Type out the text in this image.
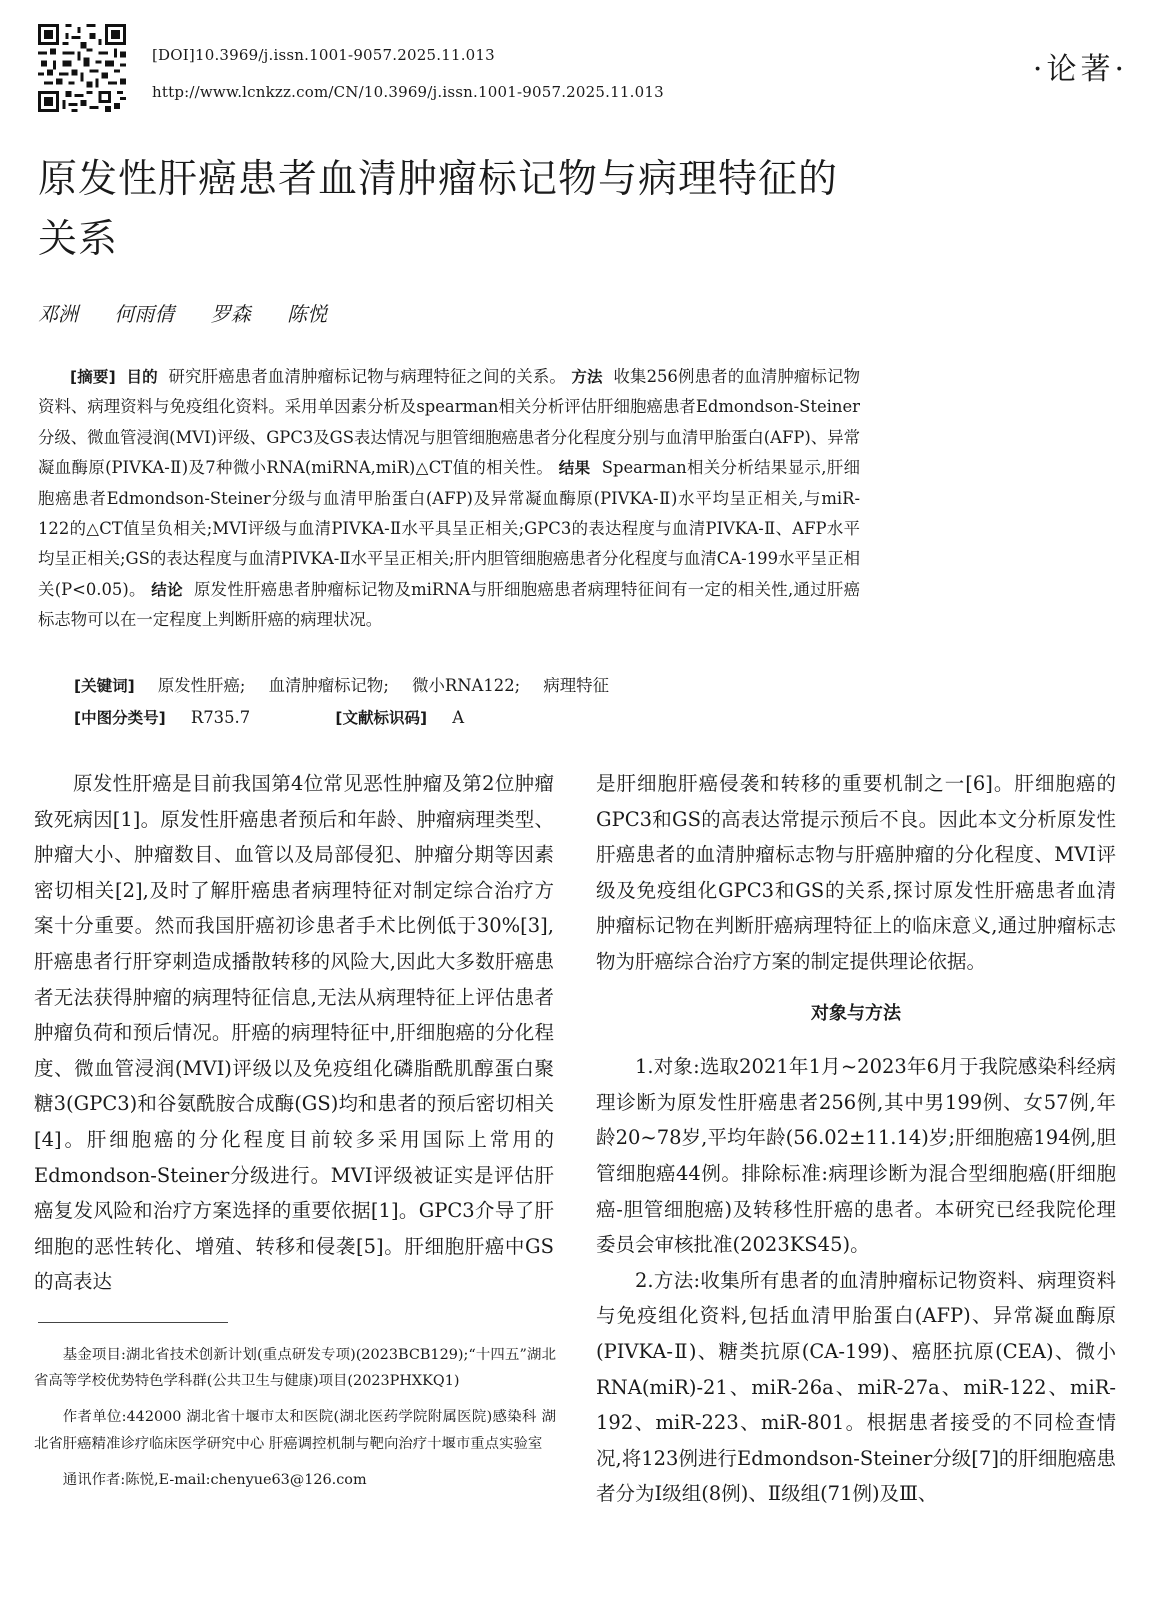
[DOI]10.3969/j.issn.1001-9057.2025.11.013
http://www.lcnkzz.com/CN/10.3969/j.issn.1001-9057.2025.11.013
·论著·
原发性肝癌患者血清肿瘤标记物与病理特征的关系
邓洲 何雨倩 罗森 陈悦
[摘要] 目的 研究肝癌患者血清肿瘤标记物与病理特征之间的关系。 方法 收集256例患者的血清肿瘤标记物资料、病理资料与免疫组化资料。采用单因素分析及spearman相关分析评估肝细胞癌患者Edmondson-Steiner分级、微血管浸润(MVI)评级、GPC3及GS表达情况与胆管细胞癌患者分化程度分别与血清甲胎蛋白(AFP)、异常凝血酶原(PIVKA-Ⅱ)及7种微小RNA(miRNA,miR)△CT值的相关性。 结果 Spearman相关分析结果显示,肝细胞癌患者Edmondson-Steiner分级与血清甲胎蛋白(AFP)及异常凝血酶原(PIVKA-Ⅱ)水平均呈正相关,与miR-122的△CT值呈负相关;MVI评级与血清PIVKA-Ⅱ水平具呈正相关;GPC3的表达程度与血清PIVKA-Ⅱ、AFP水平均呈正相关;GS的表达程度与血清PIVKA-Ⅱ水平呈正相关;肝内胆管细胞癌患者分化程度与血清CA-199水平呈正相关(P<0.05)。 结论 原发性肝癌患者肿瘤标记物及miRNA与肝细胞癌患者病理特征间有一定的相关性,通过肝癌标志物可以在一定程度上判断肝癌的病理状况。
[关键词] 原发性肝癌; 血清肿瘤标记物; 微小RNA122; 病理特征
[中图分类号] R735.7	[文献标识码] A

原发性肝癌是目前我国第4位常见恶性肿瘤及第2位肿瘤致死病因[1]。原发性肝癌患者预后和年龄、肿瘤病理类型、肿瘤大小、肿瘤数目、血管以及局部侵犯、肿瘤分期等因素密切相关[2],及时了解肝癌患者病理特征对制定综合治疗方案十分重要。然而我国肝癌初诊患者手术比例低于30%[3],肝癌患者行肝穿刺造成播散转移的风险大,因此大多数肝癌患者无法获得肿瘤的病理特征信息,无法从病理特征上评估患者肿瘤负荷和预后情况。肝癌的病理特征中,肝细胞癌的分化程度、微血管浸润(MVI)评级以及免疫组化磷脂酰肌醇蛋白聚糖3(GPC3)和谷氨酰胺合成酶(GS)均和患者的预后密切相关[4]。肝细胞癌的分化程度目前较多采用国际上常用的Edmondson-Steiner分级进行。MVI评级被证实是评估肝癌复发风险和治疗方案选择的重要依据[1]。GPC3介导了肝细胞的恶性转化、增殖、转移和侵袭[5]。肝细胞肝癌中GS的高表达

是肝细胞肝癌侵袭和转移的重要机制之一[6]。肝细胞癌的GPC3和GS的高表达常提示预后不良。因此本文分析原发性肝癌患者的血清肿瘤标志物与肝癌肿瘤的分化程度、MVI评级及免疫组化GPC3和GS的关系,探讨原发性肝癌患者血清肿瘤标记物在判断肝癌病理特征上的临床意义,通过肿瘤标志物为肝癌综合治疗方案的制定提供理论依据。

对象与方法

1.对象:选取2021年1月~2023年6月于我院感染科经病理诊断为原发性肝癌患者256例,其中男199例、女57例,年龄20~78岁,平均年龄(56.02±11.14)岁;肝细胞癌194例,胆管细胞癌44例。排除标准:病理诊断为混合型细胞癌(肝细胞癌-胆管细胞癌)及转移性肝癌的患者。本研究已经我院伦理委员会审核批准(2023KS45)。

2.方法:收集所有患者的血清肿瘤标记物资料、病理资料与免疫组化资料,包括血清甲胎蛋白(AFP)、异常凝血酶原(PIVKA-Ⅱ)、糖类抗原(CA-199)、癌胚抗原(CEA)、微小RNA(miR)-21、miR-26a、miR-27a、miR-122、miR-192、miR-223、miR-801。根据患者接受的不同检查情况,将123例进行Edmondson-Steiner分级[7]的肝细胞癌患者分为Ⅰ级组(8例)、Ⅱ级组(71例)及Ⅲ、

基金项目:湖北省技术创新计划(重点研发专项)(2023BCB129);“十四五”湖北省高等学校优势特色学科群(公共卫生与健康)项目(2023PHXKQ1)

作者单位:442000 湖北省十堰市太和医院(湖北医药学院附属医院)感染科 湖北省肝癌精准诊疗临床医学研究中心 肝癌调控机制与靶向治疗十堰市重点实验室

通讯作者:陈悦,E-mail:chenyue63@126.com
